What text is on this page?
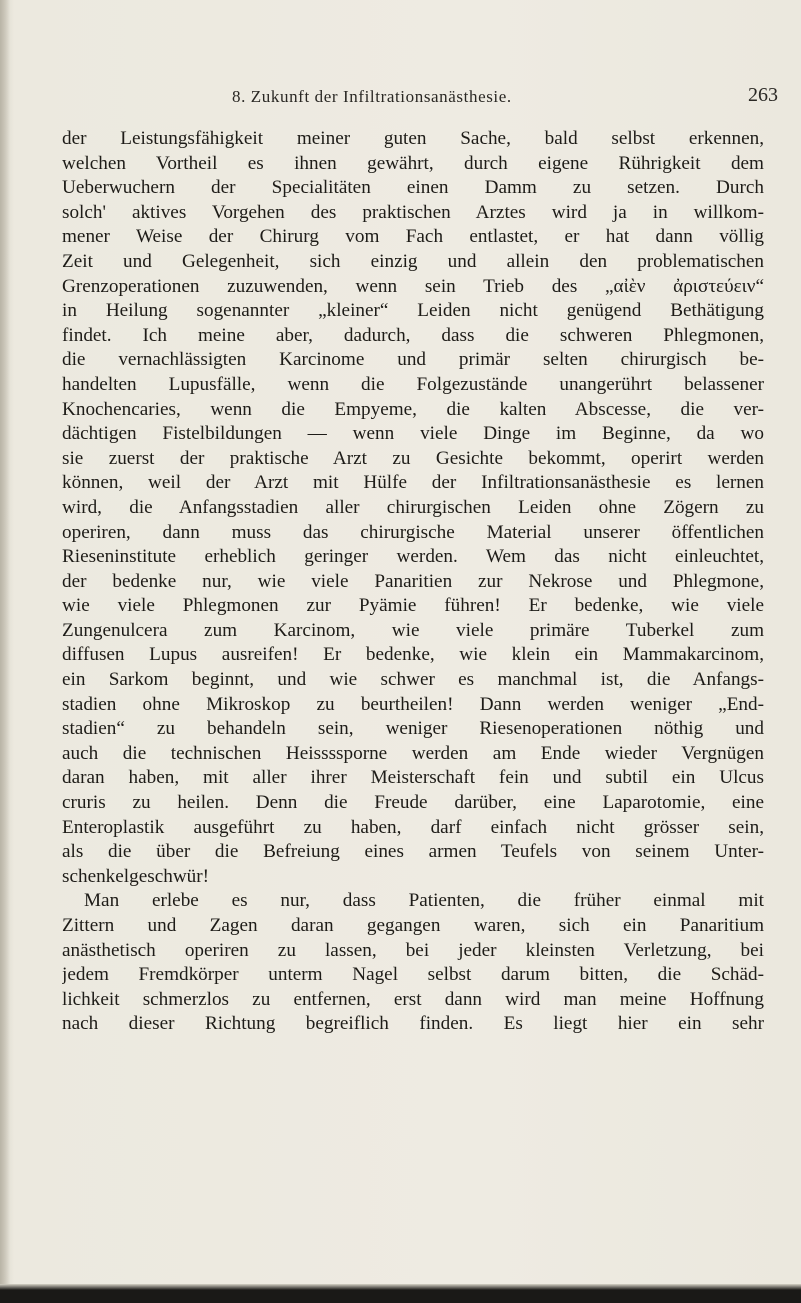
8. Zukunft der Infiltrationsanästhesie.	263
der Leistungsfähigkeit meiner guten Sache, bald selbst erkennen,
welchen Vortheil es ihnen gewährt, durch eigene Rührigkeit dem
Ueberwuchern der Specialitäten einen Damm zu setzen. Durch
solch' aktives Vorgehen des praktischen Arztes wird ja in willkom-
mener Weise der Chirurg vom Fach entlastet, er hat dann völlig
Zeit und Gelegenheit, sich einzig und allein den problematischen
Grenzoperationen zuzuwenden, wenn sein Trieb des „αἰὲν ἀριστεύειν“
in Heilung sogenannter „kleiner“ Leiden nicht genügend Bethätigung
findet. Ich meine aber, dadurch, dass die schweren Phlegmonen,
die vernachlässigten Karcinome und primär selten chirurgisch be-
handelten Lupusfälle, wenn die Folgezustände unangerührt belassener
Knochencaries, wenn die Empyeme, die kalten Abscesse, die ver-
dächtigen Fistelbildungen — wenn viele Dinge im Beginne, da wo
sie zuerst der praktische Arzt zu Gesichte bekommt, operirt werden
können, weil der Arzt mit Hülfe der Infiltrationsanästhesie es lernen
wird, die Anfangsstadien aller chirurgischen Leiden ohne Zögern zu
operiren, dann muss das chirurgische Material unserer öffentlichen
Rieseninstitute erheblich geringer werden. Wem das nicht einleuchtet,
der bedenke nur, wie viele Panaritien zur Nekrose und Phlegmone,
wie viele Phlegmonen zur Pyämie führen! Er bedenke, wie viele
Zungenulcera zum Karcinom, wie viele primäre Tuberkel zum
diffusen Lupus ausreifen! Er bedenke, wie klein ein Mammakarcinom,
ein Sarkom beginnt, und wie schwer es manchmal ist, die Anfangs-
stadien ohne Mikroskop zu beurtheilen! Dann werden weniger „End-
stadien“ zu behandeln sein, weniger Riesenoperationen nöthig und
auch die technischen Heissssporne werden am Ende wieder Vergnügen
daran haben, mit aller ihrer Meisterschaft fein und subtil ein Ulcus
cruris zu heilen. Denn die Freude darüber, eine Laparotomie, eine
Enteroplastik ausgeführt zu haben, darf einfach nicht grösser sein,
als die über die Befreiung eines armen Teufels von seinem Unter-
schenkelgeschwür!
Man erlebe es nur, dass Patienten, die früher einmal mit
Zittern und Zagen daran gegangen waren, sich ein Panaritium
anästhetisch operiren zu lassen, bei jeder kleinsten Verletzung, bei
jedem Fremdkörper unterm Nagel selbst darum bitten, die Schäd-
lichkeit schmerzlos zu entfernen, erst dann wird man meine Hoffnung
nach dieser Richtung begreiflich finden. Es liegt hier ein sehr
